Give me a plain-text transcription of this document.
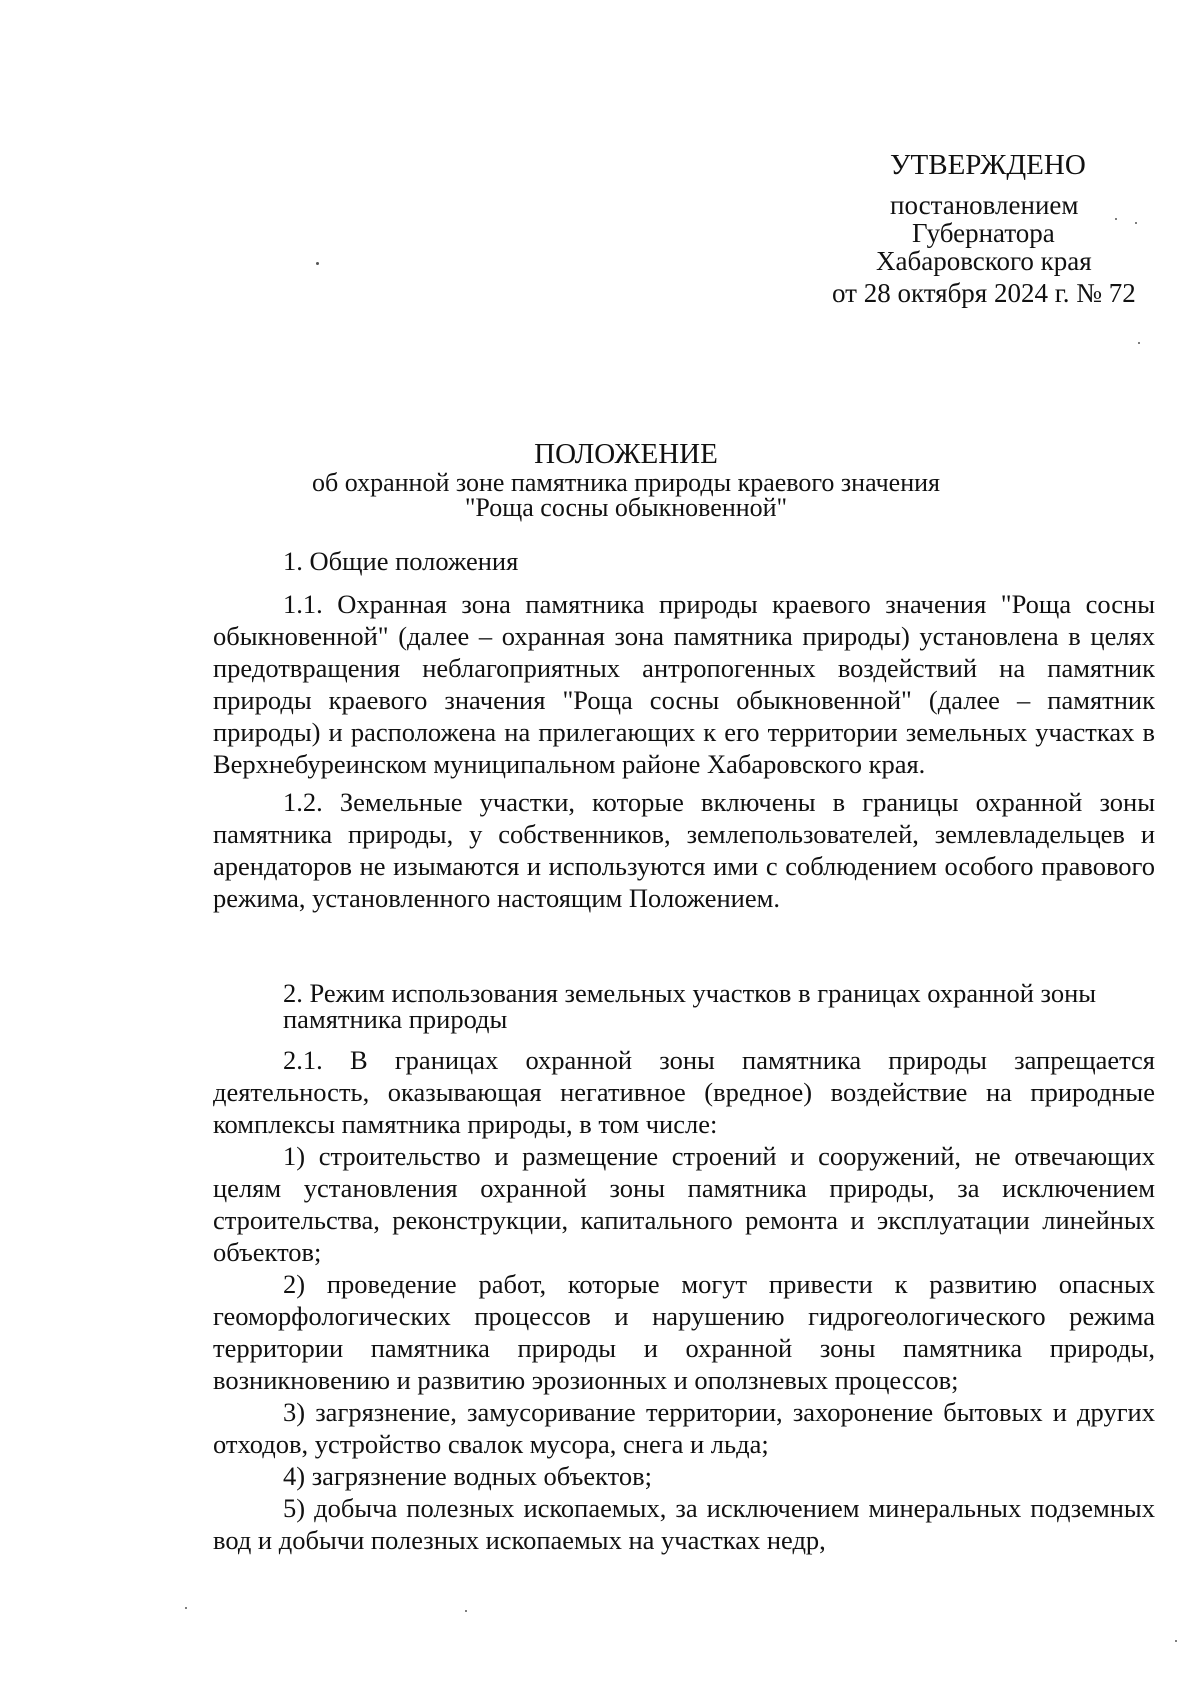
УТВЕРЖДЕНО
постановлением
Губернатора
Хабаровского края
от 28 октября 2024 г. № 72
ПОЛОЖЕНИЕ
об охранной зоне памятника природы краевого значения
"Роща сосны обыкновенной"
1. Общие положения

1.1. Охранная зона памятника природы краевого значения "Роща сосны обыкновенной" (далее – охранная зона памятника природы) установлена в целях предотвращения неблагоприятных антропогенных воздействий на памятник природы краевого значения "Роща сосны обыкновенной" (далее – памятник природы) и расположена на прилегающих к его территории земельных участках в Верхнебуреинском муниципальном районе Хабаровского края.

1.2. Земельные участки, которые включены в границы охранной зоны памятника природы, у собственников, землепользователей, землевладельцев и арендаторов не изымаются и используются ими с соблюдением особого правового режима, установленного настоящим Положением.

2. Режим использования земельных участков в границах охранной зоны памятника природы

2.1. В границах охранной зоны памятника природы запрещается деятельность, оказывающая негативное (вредное) воздействие на природные комплексы памятника природы, в том числе:

1) строительство и размещение строений и сооружений, не отвечающих целям установления охранной зоны памятника природы, за исключением строительства, реконструкции, капитального ремонта и эксплуатации линейных объектов;

2) проведение работ, которые могут привести к развитию опасных геоморфологических процессов и нарушению гидрогеологического режима территории памятника природы и охранной зоны памятника природы, возникновению и развитию эрозионных и оползневых процессов;

3) загрязнение, замусоривание территории, захоронение бытовых и других отходов, устройство свалок мусора, снега и льда;

4) загрязнение водных объектов;

5) добыча полезных ископаемых, за исключением минеральных подземных вод и добычи полезных ископаемых на участках недр,
